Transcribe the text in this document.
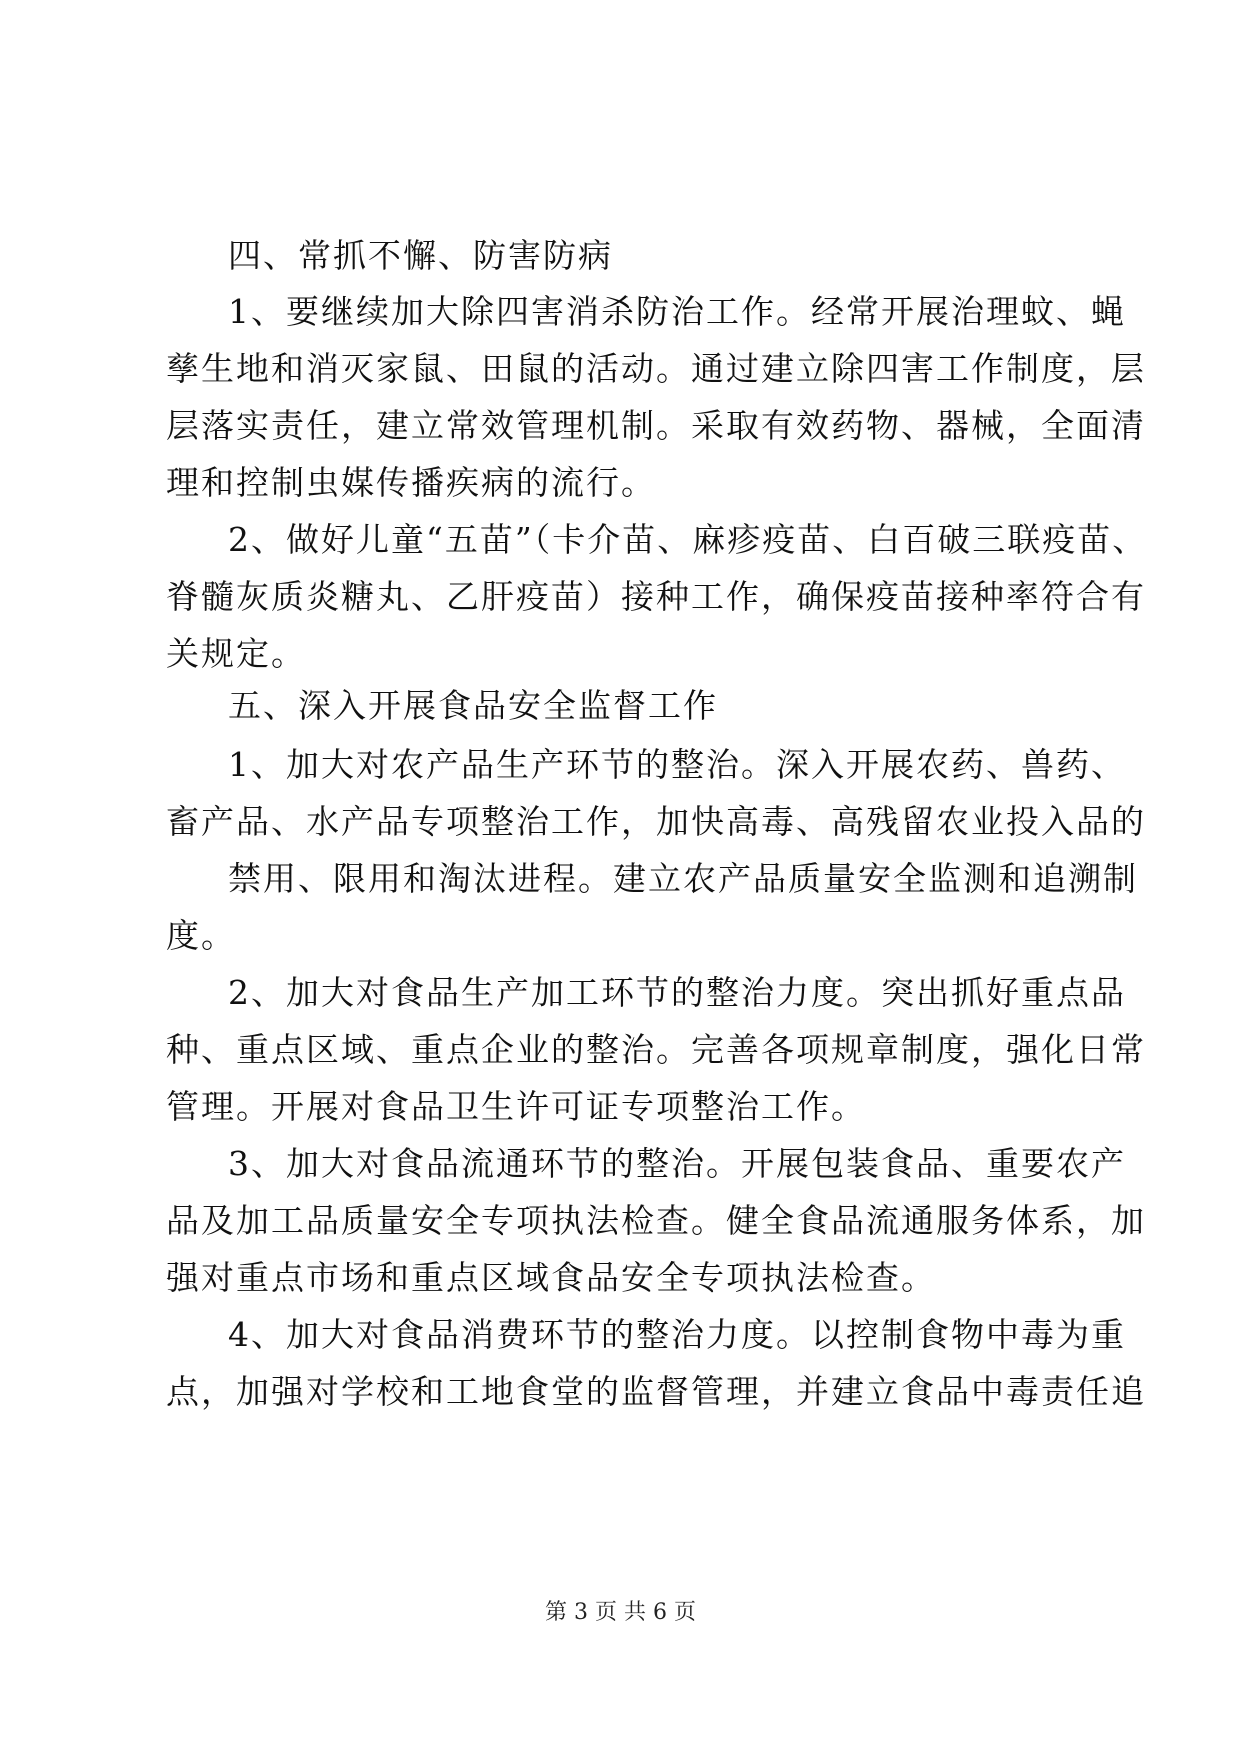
四、常抓不懈、防害防病
1、要继续加大除四害消杀防治工作。经常开展治理蚊、蝇
孳生地和消灭家鼠、田鼠的活动。通过建立除四害工作制度，层
层落实责任，建立常效管理机制。采取有效药物、器械，全面清
理和控制虫媒传播疾病的流行。
2、做好儿童“五苗”（卡介苗、麻疹疫苗、白百破三联疫苗、
脊髓灰质炎糖丸、乙肝疫苗）接种工作，确保疫苗接种率符合有
关规定。
五、深入开展食品安全监督工作
1、加大对农产品生产环节的整治。深入开展农药、兽药、
畜产品、水产品专项整治工作，加快高毒、高残留农业投入品的
禁用、限用和淘汰进程。建立农产品质量安全监测和追溯制
度。
2、加大对食品生产加工环节的整治力度。突出抓好重点品
种、重点区域、重点企业的整治。完善各项规章制度，强化日常
管理。开展对食品卫生许可证专项整治工作。
3、加大对食品流通环节的整治。开展包装食品、重要农产
品及加工品质量安全专项执法检查。健全食品流通服务体系，加
强对重点市场和重点区域食品安全专项执法检查。
4、加大对食品消费环节的整治力度。以控制食物中毒为重
点，加强对学校和工地食堂的监督管理，并建立食品中毒责任追
第 3 页 共 6 页
